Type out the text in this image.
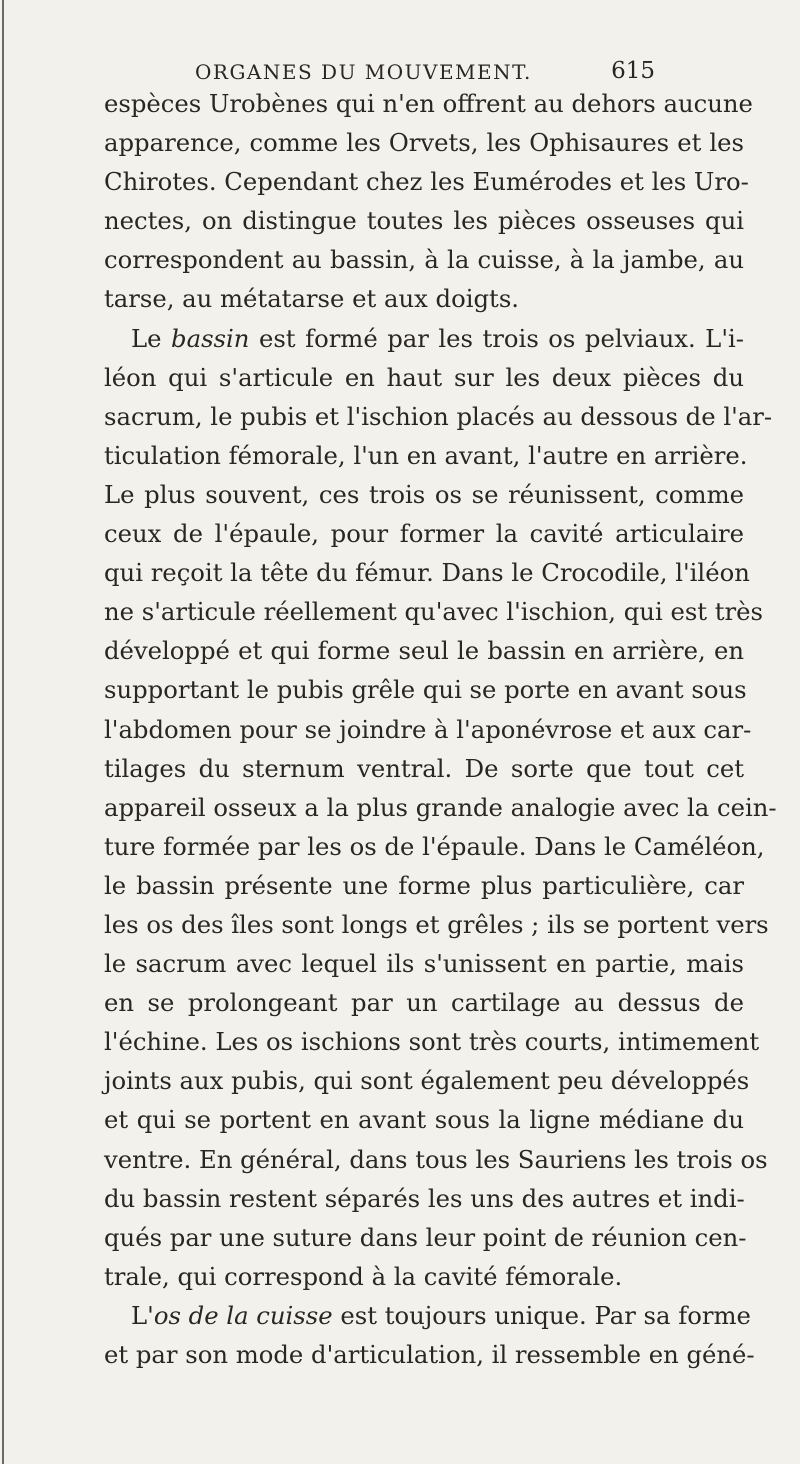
ORGANES DU MOUVEMENT.	615
espèces Urobènes qui n'en offrent au dehors aucune
apparence, comme les Orvets, les Ophisaures et les
Chirotes. Cependant chez les Eumérodes et les Uro-
nectes, on distingue toutes les pièces osseuses qui
correspondent au bassin, à la cuisse, à la jambe, au
tarse, au métatarse et aux doigts.
Le bassin est formé par les trois os pelviaux. L'i-
léon qui s'articule en haut sur les deux pièces du
sacrum, le pubis et l'ischion placés au dessous de l'ar-
ticulation fémorale, l'un en avant, l'autre en arrière.
Le plus souvent, ces trois os se réunissent, comme
ceux de l'épaule, pour former la cavité articulaire
qui reçoit la tête du fémur. Dans le Crocodile, l'iléon
ne s'articule réellement qu'avec l'ischion, qui est très
développé et qui forme seul le bassin en arrière, en
supportant le pubis grêle qui se porte en avant sous
l'abdomen pour se joindre à l'aponévrose et aux car-
tilages du sternum ventral. De sorte que tout cet
appareil osseux a la plus grande analogie avec la cein-
ture formée par les os de l'épaule. Dans le Caméléon,
le bassin présente une forme plus particulière, car
les os des îles sont longs et grêles ; ils se portent vers
le sacrum avec lequel ils s'unissent en partie, mais
en se prolongeant par un cartilage au dessus de
l'échine. Les os ischions sont très courts, intimement
joints aux pubis, qui sont également peu développés
et qui se portent en avant sous la ligne médiane du
ventre. En général, dans tous les Sauriens les trois os
du bassin restent séparés les uns des autres et indi-
qués par une suture dans leur point de réunion cen-
trale, qui correspond à la cavité fémorale.
L'os de la cuisse est toujours unique. Par sa forme
et par son mode d'articulation, il ressemble en géné-
